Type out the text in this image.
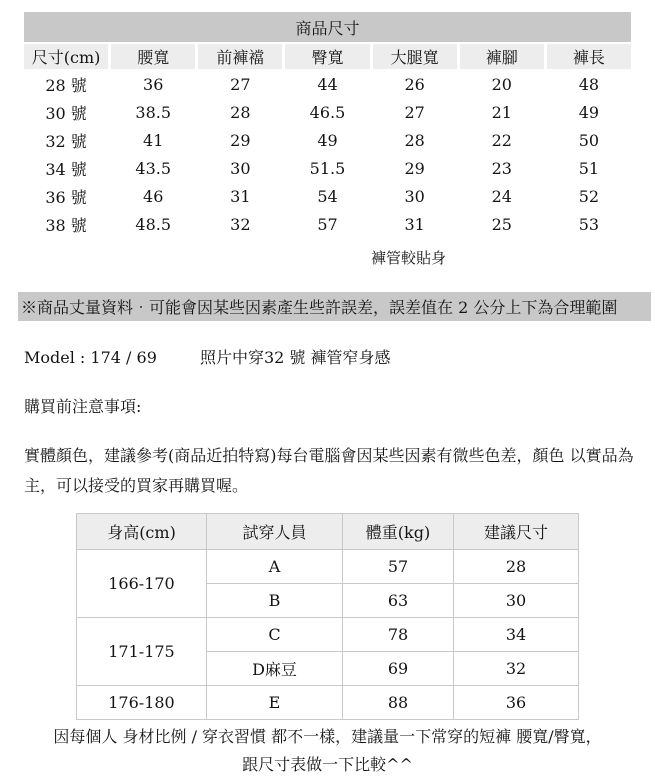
商品尺寸						
尺寸(cm)	腰寬	前褲襠	臀寬	大腿寬	褲腳	褲長
28 號	36	27	44	26	20	48
30 號	38.5	28	46.5	27	21	49
32 號	41	29	49	28	22	50
34 號	43.5	30	51.5	29	23	51
36 號	46	31	54	30	24	52
38 號	48.5	32	57	31	25	53
褲管較貼身
※商品丈量資料‧可能會因某些因素產生些許誤差，誤差值在 2 公分上下為合理範圍
Model : 174 / 69	照片中穿32 號 褲管窄身感
購買前注意事項:
實體顏色，建議參考(商品近拍特寫)每台電腦會因某些因素有微些色差，顏色 以實品為主，可以接受的買家再購買喔。
身高(cm)	試穿人員	體重(kg)	建議尺寸
166-170	A	57	28
	B	63	30
171-175	C	78	34
	D麻豆	69	32
176-180	E	88	36
因每個人 身材比例 / 穿衣習慣 都不一樣，建議量一下常穿的短褲 腰寬/臀寬，
跟尺寸表做一下比較^^
